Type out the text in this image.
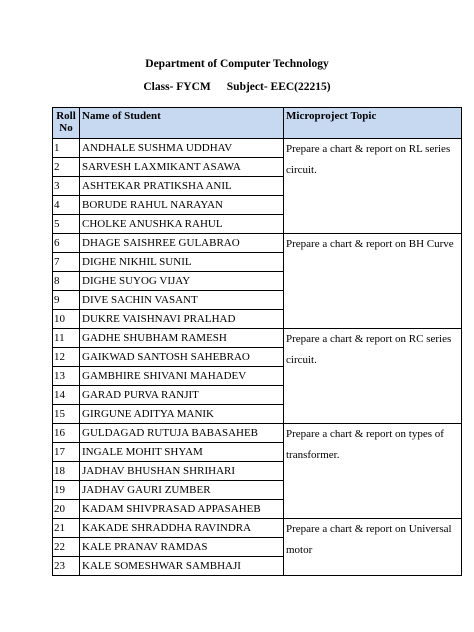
Department of Computer Technology
Class- FYCM Subject- EEC(22215)
Roll
No	Name of Student	Microproject Topic
1	ANDHALE SUSHMA UDDHAV	Prepare a chart & report on RL series circuit.
2	SARVESH LAXMIKANT ASAWA	
3	ASHTEKAR PRATIKSHA ANIL	
4	BORUDE RAHUL NARAYAN	
5	CHOLKE ANUSHKA RAHUL	
6	DHAGE SAISHREE GULABRAO	Prepare a chart & report on BH Curve
7	DIGHE NIKHIL SUNIL	
8	DIGHE SUYOG VIJAY	
9	DIVE SACHIN VASANT	
10	DUKRE VAISHNAVI PRALHAD	
11	GADHE SHUBHAM RAMESH	Prepare a chart & report on RC series circuit.
12	GAIKWAD SANTOSH SAHEBRAO	
13	GAMBHIRE SHIVANI MAHADEV	
14	GARAD PURVA RANJIT	
15	GIRGUNE ADITYA MANIK	
16	GULDAGAD RUTUJA BABASAHEB	Prepare a chart & report on types of transformer.
17	INGALE MOHIT SHYAM	
18	JADHAV BHUSHAN SHRIHARI	
19	JADHAV GAURI ZUMBER	
20	KADAM SHIVPRASAD APPASAHEB	
21	KAKADE SHRADDHA RAVINDRA	Prepare a chart & report on Universal motor
22	KALE PRANAV RAMDAS	
23	KALE SOMESHWAR SAMBHAJI	
